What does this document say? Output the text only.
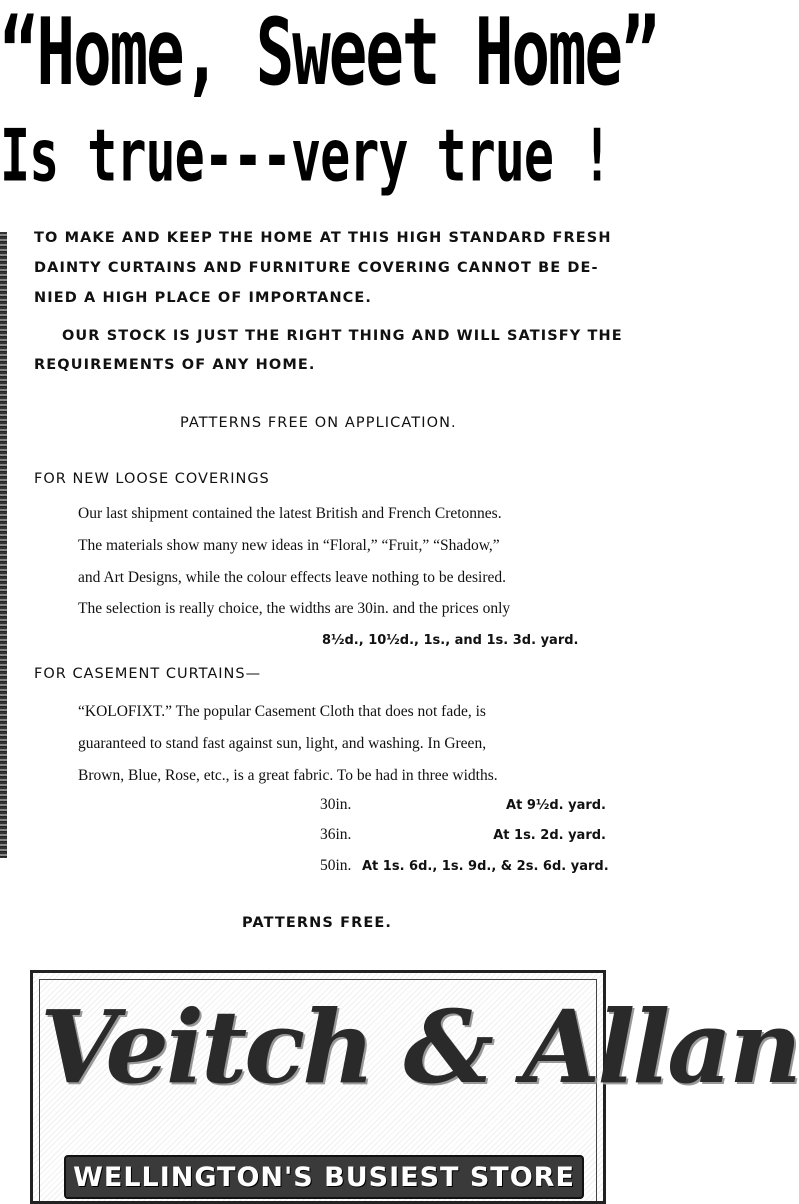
“Home, Sweet Home”
Is true---very true !
TO MAKE AND KEEP THE HOME AT THIS HIGH STANDARD FRESH
DAINTY CURTAINS AND FURNITURE COVERING CANNOT BE DE-
NIED A HIGH PLACE OF IMPORTANCE.
OUR STOCK IS JUST THE RIGHT THING AND WILL SATISFY THE
REQUIREMENTS OF ANY HOME.
PATTERNS FREE ON APPLICATION.
FOR NEW LOOSE COVERINGS
Our last shipment contained the latest British and French Cretonnes.
The materials show many new ideas in “Floral,” “Fruit,” “Shadow,”
and Art Designs, while the colour effects leave nothing to be desired.
The selection is really choice, the widths are 30in. and the prices only
8½d., 10½d., 1s., and 1s. 3d. yard.
FOR CASEMENT CURTAINS—
“KOLOFIXT.” The popular Casement Cloth that does not fade, is
guaranteed to stand fast against sun, light, and washing. In Green,
Brown, Blue, Rose, etc., is a great fabric. To be had in three widths.
30in.	At 9½d. yard.
36in.	At 1s. 2d. yard.
50in. At 1s. 6d., 1s. 9d., & 2s. 6d. yard.
PATTERNS FREE.
Veitch & Allan
WELLINGTON'S BUSIEST STORE
